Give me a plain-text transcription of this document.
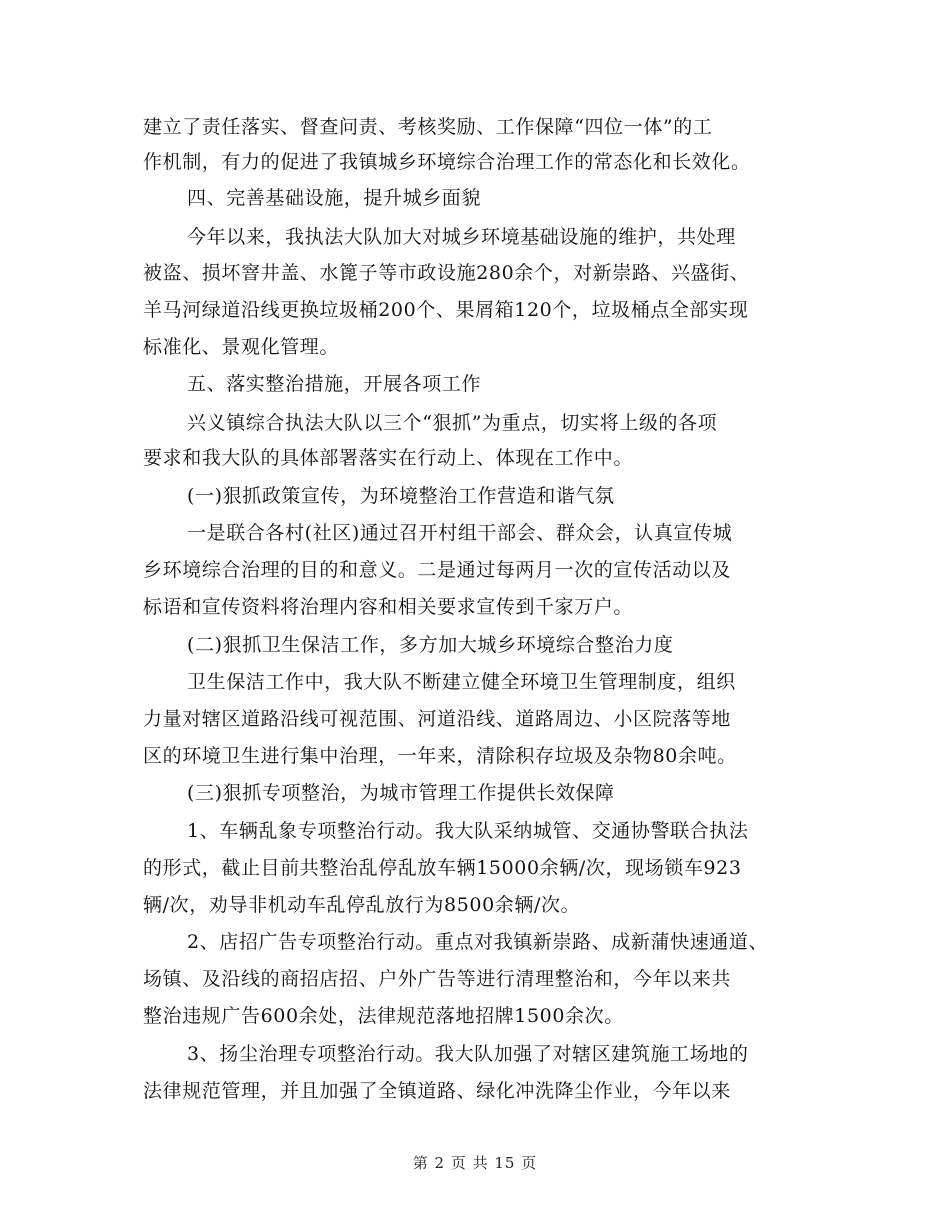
建立了责任落实、督查问责、考核奖励、工作保障“四位一体”的工
作机制，有力的促进了我镇城乡环境综合治理工作的常态化和长效化。
四、完善基础设施，提升城乡面貌
今年以来，我执法大队加大对城乡环境基础设施的维护，共处理
被盗、损坏窨井盖、水篦子等市政设施280余个，对新崇路、兴盛街、
羊马河绿道沿线更换垃圾桶200个、果屑箱120个，垃圾桶点全部实现
标准化、景观化管理。
五、落实整治措施，开展各项工作
兴义镇综合执法大队以三个“狠抓”为重点，切实将上级的各项
要求和我大队的具体部署落实在行动上、体现在工作中。
(一)狠抓政策宣传，为环境整治工作营造和谐气氛
一是联合各村(社区)通过召开村组干部会、群众会，认真宣传城
乡环境综合治理的目的和意义。二是通过每两月一次的宣传活动以及
标语和宣传资料将治理内容和相关要求宣传到千家万户。
(二)狠抓卫生保洁工作，多方加大城乡环境综合整治力度
卫生保洁工作中，我大队不断建立健全环境卫生管理制度，组织
力量对辖区道路沿线可视范围、河道沿线、道路周边、小区院落等地
区的环境卫生进行集中治理，一年来，清除积存垃圾及杂物80余吨。
(三)狠抓专项整治，为城市管理工作提供长效保障
1、车辆乱象专项整治行动。我大队采纳城管、交通协警联合执法
的形式，截止目前共整治乱停乱放车辆15000余辆/次，现场锁车923
辆/次，劝导非机动车乱停乱放行为8500余辆/次。
2、店招广告专项整治行动。重点对我镇新崇路、成新蒲快速通道、
场镇、及沿线的商招店招、户外广告等进行清理整治和，今年以来共
整治违规广告600余处，法律规范落地招牌1500余次。
3、扬尘治理专项整治行动。我大队加强了对辖区建筑施工场地的
法律规范管理，并且加强了全镇道路、绿化冲洗降尘作业，今年以来
第 2 页 共 15 页
